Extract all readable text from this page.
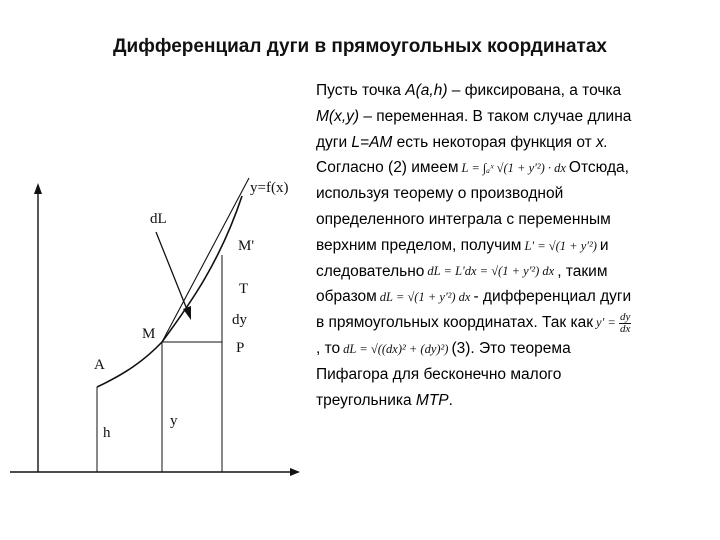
Дифференциал дуги в прямоугольных координатах
y=f(x)
dL
M'
T
dy
M
P
A
h
y
Пусть точка A(a,h) – фиксирована, а точка
M(x,y) – переменная. В таком случае длина
дуги L=AM есть некоторая функция от x.
Согласно (2) имеем L = ∫ₐˣ √(1 + y'²) · dx Отсюда,
используя теорему о производной
определенного интеграла с переменным
верхним пределом, получим L' = √(1 + y'²) и
следовательно dL = L'dx = √(1 + y'²) dx , таким
образом dL = √(1 + y'²) dx - дифференциал дуги
в прямоугольных координатах. Так как $y' = \frac{dy}{dx}$
, то dL = √((dx)² + (dy)²) (3). Это теорема
Пифагора для бесконечно малого
треугольника MTP.
